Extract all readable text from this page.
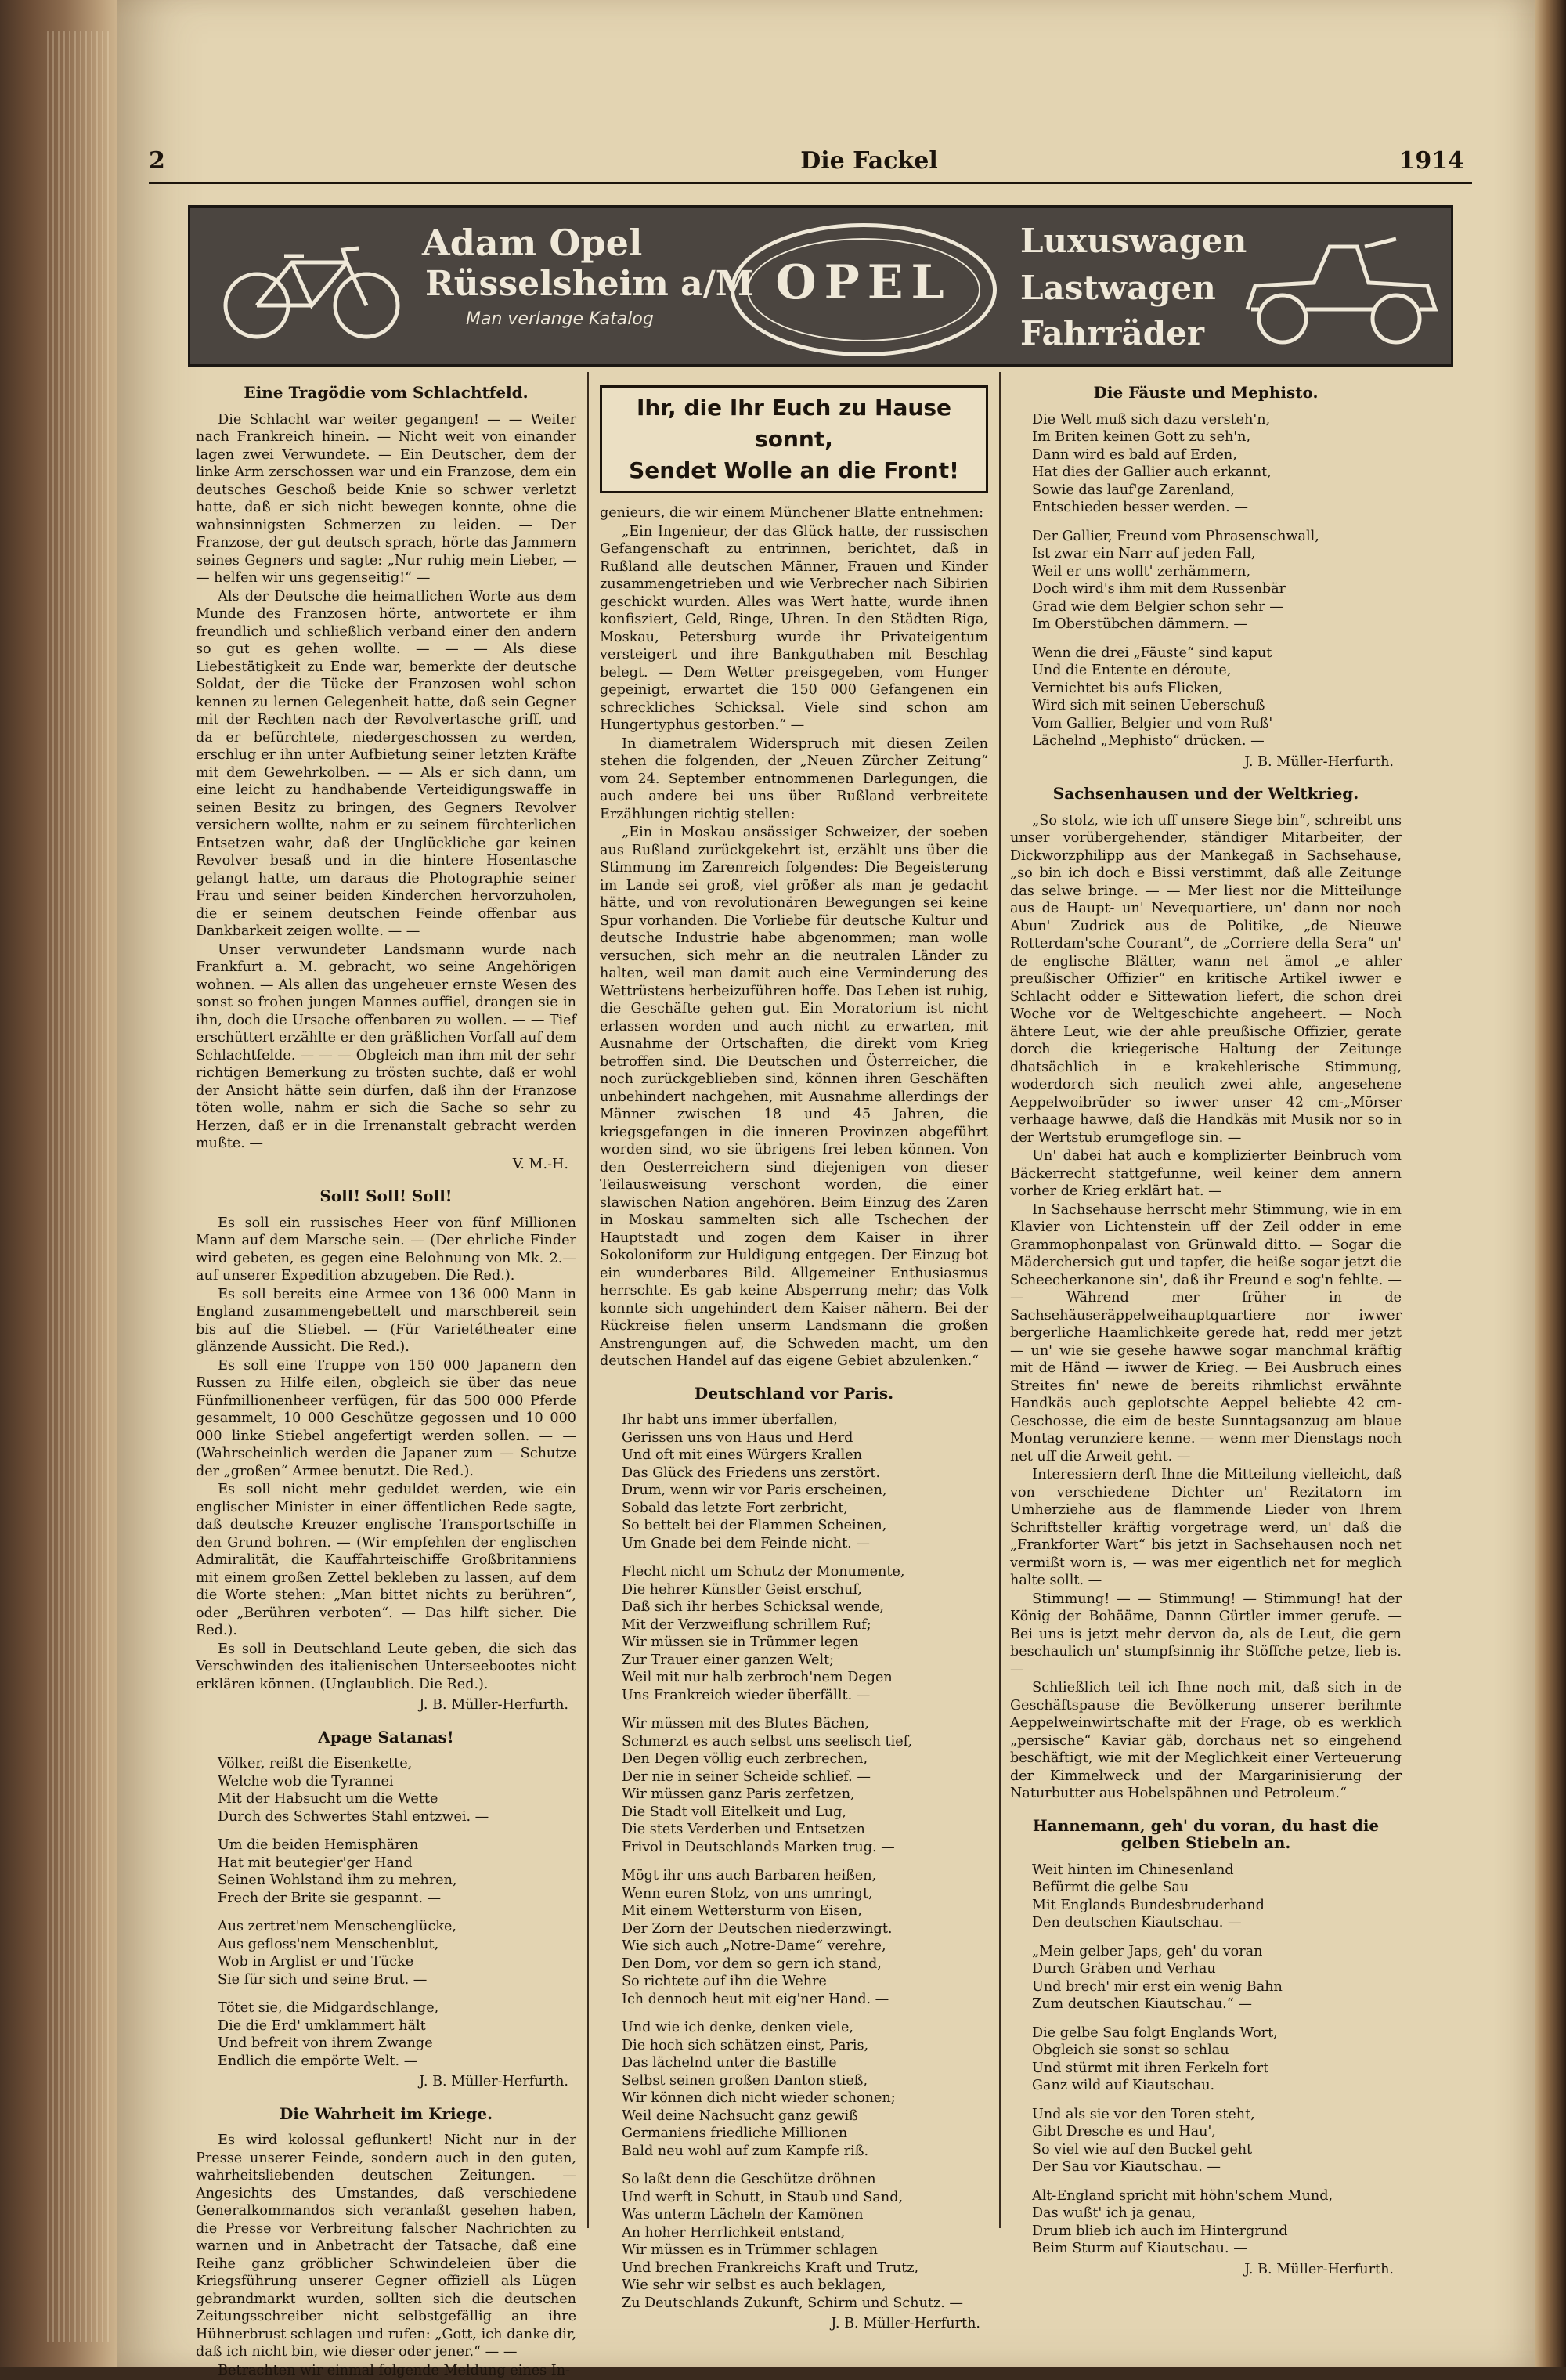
2	Die Fackel	1914
Adam Opel
Rüsselsheim a/M
Man verlange Katalog
OPEL
Luxuswagen
Lastwagen
Fahrräder
Eine Tragödie vom Schlachtfeld.

Die Schlacht war weiter gegangen! — — Weiter nach Frankreich hinein. — Nicht weit von einander lagen zwei Verwundete. — Ein Deutscher, dem der linke Arm zerschossen war und ein Franzose, dem ein deutsches Geschoß beide Knie so schwer verletzt hatte, daß er sich nicht bewegen konnte, ohne die wahnsinnigsten Schmerzen zu leiden. — Der Franzose, der gut deutsch sprach, hörte das Jammern seines Gegners und sagte: „Nur ruhig mein Lieber, — — helfen wir uns gegenseitig!“ —

Als der Deutsche die heimatlichen Worte aus dem Munde des Franzosen hörte, antwortete er ihm freundlich und schließlich verband einer den andern so gut es gehen wollte. — — — Als diese Liebestätigkeit zu Ende war, bemerkte der deutsche Soldat, der die Tücke der Franzosen wohl schon kennen zu lernen Gelegenheit hatte, daß sein Gegner mit der Rechten nach der Revolvertasche griff, und da er befürchtete, niedergeschossen zu werden, erschlug er ihn unter Aufbietung seiner letzten Kräfte mit dem Gewehrkolben. — — Als er sich dann, um eine leicht zu handhabende Verteidigungswaffe in seinen Besitz zu bringen, des Gegners Revolver versichern wollte, nahm er zu seinem fürchterlichen Entsetzen wahr, daß der Unglückliche gar keinen Revolver besaß und in die hintere Hosentasche gelangt hatte, um daraus die Photographie seiner Frau und seiner beiden Kinderchen hervorzuholen, die er seinem deutschen Feinde offenbar aus Dankbarkeit zeigen wollte. — —

Unser verwundeter Landsmann wurde nach Frankfurt a. M. gebracht, wo seine Angehörigen wohnen. — Als allen das ungeheuer ernste Wesen des sonst so frohen jungen Mannes auffiel, drangen sie in ihn, doch die Ursache offenbaren zu wollen. — — Tief erschüttert erzählte er den gräßlichen Vorfall auf dem Schlachtfelde. — — — Obgleich man ihm mit der sehr richtigen Bemerkung zu trösten suchte, daß er wohl der Ansicht hätte sein dürfen, daß ihn der Franzose töten wolle, nahm er sich die Sache so sehr zu Herzen, daß er in die Irrenanstalt gebracht werden mußte. —

V. M.-H.
Soll! Soll! Soll!

Es soll ein russisches Heer von fünf Millionen Mann auf dem Marsche sein. — (Der ehrliche Finder wird gebeten, es gegen eine Belohnung von Mk. 2.— auf unserer Expedition abzugeben. Die Red.).

Es soll bereits eine Armee von 136 000 Mann in England zusammengebettelt und marschbereit sein bis auf die Stiebel. — (Für Varietétheater eine glänzende Aussicht. Die Red.).

Es soll eine Truppe von 150 000 Japanern den Russen zu Hilfe eilen, obgleich sie über das neue Fünfmillionenheer verfügen, für das 500 000 Pferde gesammelt, 10 000 Geschütze gegossen und 10 000 000 linke Stiebel angefertigt werden sollen. — — (Wahrscheinlich werden die Japaner zum — Schutze der „großen“ Armee benutzt. Die Red.).

Es soll nicht mehr geduldet werden, wie ein englischer Minister in einer öffentlichen Rede sagte, daß deutsche Kreuzer englische Transportschiffe in den Grund bohren. — (Wir empfehlen der englischen Admiralität, die Kauffahrteischiffe Großbritanniens mit einem großen Zettel bekleben zu lassen, auf dem die Worte stehen: „Man bittet nichts zu berühren“, oder „Berühren verboten“. — Das hilft sicher. Die Red.).

Es soll in Deutschland Leute geben, die sich das Verschwinden des italienischen Unterseebootes nicht erklären können. (Unglaublich. Die Red.).

J. B. Müller-Herfurth.
Apage Satanas!
Völker, reißt die Eisenkette,
Welche wob die Tyrannei
Mit der Habsucht um die Wette
Durch des Schwertes Stahl entzwei. —
Um die beiden Hemisphären
Hat mit beutegier'ger Hand
Seinen Wohlstand ihm zu mehren,
Frech der Brite sie gespannt. —
Aus zertret'nem Menschenglücke,
Aus gefloss'nem Menschenblut,
Wob in Arglist er und Tücke
Sie für sich und seine Brut. —
Tötet sie, die Midgardschlange,
Die die Erd' umklammert hält
Und befreit von ihrem Zwange
Endlich die empörte Welt. —
J. B. Müller-Herfurth.
Die Wahrheit im Kriege.

Es wird kolossal geflunkert! Nicht nur in der Presse unserer Feinde, sondern auch in den guten, wahrheitsliebenden deutschen Zeitungen. — Angesichts des Umstandes, daß verschiedene Generalkommandos sich veranlaßt gesehen haben, die Presse vor Verbreitung falscher Nachrichten zu warnen und in Anbetracht der Tatsache, daß eine Reihe ganz gröblicher Schwindeleien über die Kriegsführung unserer Gegner offiziell als Lügen gebrandmarkt wurden, sollten sich die deutschen Zeitungsschreiber nicht selbstgefällig an ihre Hühnerbrust schlagen und rufen: „Gott, ich danke dir, daß ich nicht bin, wie dieser oder jener.“ — —

Betrachten wir einmal folgende Meldung eines In-

Ihr, die Ihr Euch zu Hause sonnt,
Sendet Wolle an die Front!

genieurs, die wir einem Münchener Blatte entnehmen:

„Ein Ingenieur, der das Glück hatte, der russischen Gefangenschaft zu entrinnen, berichtet, daß in Rußland alle deutschen Männer, Frauen und Kinder zusammengetrieben und wie Verbrecher nach Sibirien geschickt wurden. Alles was Wert hatte, wurde ihnen konfisziert, Geld, Ringe, Uhren. In den Städten Riga, Moskau, Petersburg wurde ihr Privateigentum versteigert und ihre Bankguthaben mit Beschlag belegt. — Dem Wetter preisgegeben, vom Hunger gepeinigt, erwartet die 150 000 Gefangenen ein schreckliches Schicksal. Viele sind schon am Hungertyphus gestorben.“ —

In diametralem Widerspruch mit diesen Zeilen stehen die folgenden, der „Neuen Zürcher Zeitung“ vom 24. September entnommenen Darlegungen, die auch andere bei uns über Rußland verbreitete Erzählungen richtig stellen:

„Ein in Moskau ansässiger Schweizer, der soeben aus Rußland zurückgekehrt ist, erzählt uns über die Stimmung im Zarenreich folgendes: Die Begeisterung im Lande sei groß, viel größer als man je gedacht hätte, und von revolutionären Bewegungen sei keine Spur vorhanden. Die Vorliebe für deutsche Kultur und deutsche Industrie habe abgenommen; man wolle versuchen, sich mehr an die neutralen Länder zu halten, weil man damit auch eine Verminderung des Wettrüstens herbeizuführen hoffe. Das Leben ist ruhig, die Geschäfte gehen gut. Ein Moratorium ist nicht erlassen worden und auch nicht zu erwarten, mit Ausnahme der Ortschaften, die direkt vom Krieg betroffen sind. Die Deutschen und Österreicher, die noch zurückgeblieben sind, können ihren Geschäften unbehindert nachgehen, mit Ausnahme allerdings der Männer zwischen 18 und 45 Jahren, die kriegsgefangen in die inneren Provinzen abgeführt worden sind, wo sie übrigens frei leben können. Von den Oesterreichern sind diejenigen von dieser Teilausweisung verschont worden, die einer slawischen Nation angehören. Beim Einzug des Zaren in Moskau sammelten sich alle Tschechen der Hauptstadt und zogen dem Kaiser in ihrer Sokoloniform zur Huldigung entgegen. Der Einzug bot ein wunderbares Bild. Allgemeiner Enthusiasmus herrschte. Es gab keine Absperrung mehr; das Volk konnte sich ungehindert dem Kaiser nähern. Bei der Rückreise fielen unserm Landsmann die großen Anstrengungen auf, die Schweden macht, um den deutschen Handel auf das eigene Gebiet abzulenken.“

Deutschland vor Paris.
Ihr habt uns immer überfallen,
Gerissen uns von Haus und Herd
Und oft mit eines Würgers Krallen
Das Glück des Friedens uns zerstört.
Drum, wenn wir vor Paris erscheinen,
Sobald das letzte Fort zerbricht,
So bettelt bei der Flammen Scheinen,
Um Gnade bei dem Feinde nicht. —
Flecht nicht um Schutz der Monumente,
Die hehrer Künstler Geist erschuf,
Daß sich ihr herbes Schicksal wende,
Mit der Verzweiflung schrillem Ruf;
Wir müssen sie in Trümmer legen
Zur Trauer einer ganzen Welt;
Weil mit nur halb zerbroch'nem Degen
Uns Frankreich wieder überfällt. —
Wir müssen mit des Blutes Bächen,
Schmerzt es auch selbst uns seelisch tief,
Den Degen völlig euch zerbrechen,
Der nie in seiner Scheide schlief. —
Wir müssen ganz Paris zerfetzen,
Die Stadt voll Eitelkeit und Lug,
Die stets Verderben und Entsetzen
Frivol in Deutschlands Marken trug. —
Mögt ihr uns auch Barbaren heißen,
Wenn euren Stolz, von uns umringt,
Mit einem Wettersturm von Eisen,
Der Zorn der Deutschen niederzwingt.
Wie sich auch „Notre-Dame“ verehre,
Den Dom, vor dem so gern ich stand,
So richtete auf ihn die Wehre
Ich dennoch heut mit eig'ner Hand. —
Und wie ich denke, denken viele,
Die hoch sich schätzen einst, Paris,
Das lächelnd unter die Bastille
Selbst seinen großen Danton stieß,
Wir können dich nicht wieder schonen;
Weil deine Nachsucht ganz gewiß
Germaniens friedliche Millionen
Bald neu wohl auf zum Kampfe riß.
So laßt denn die Geschütze dröhnen
Und werft in Schutt, in Staub und Sand,
Was unterm Lächeln der Kamönen
An hoher Herrlichkeit entstand,
Wir müssen es in Trümmer schlagen
Und brechen Frankreichs Kraft und Trutz,
Wie sehr wir selbst es auch beklagen,
Zu Deutschlands Zukunft, Schirm und Schutz. —
J. B. Müller-Herfurth.
Die Fäuste und Mephisto.
Die Welt muß sich dazu versteh'n,
Im Briten keinen Gott zu seh'n,
Dann wird es bald auf Erden,
Hat dies der Gallier auch erkannt,
Sowie das lauf'ge Zarenland,
Entschieden besser werden. —
Der Gallier, Freund vom Phrasenschwall,
Ist zwar ein Narr auf jeden Fall,
Weil er uns wollt' zerhämmern,
Doch wird's ihm mit dem Russenbär
Grad wie dem Belgier schon sehr —
Im Oberstübchen dämmern. —
Wenn die drei „Fäuste“ sind kaput
Und die Entente en déroute,
Vernichtet bis aufs Flicken,
Wird sich mit seinen Ueberschuß
Vom Gallier, Belgier und vom Ruß'
Lächelnd „Mephisto“ drücken. —
J. B. Müller-Herfurth.
Sachsenhausen und der Weltkrieg.

„So stolz, wie ich uff unsere Siege bin“, schreibt uns unser vorübergehender, ständiger Mitarbeiter, der Dickworzphilipp aus der Mankegaß in Sachsehause, „so bin ich doch e Bissi verstimmt, daß alle Zeitunge das selwe bringe. — — Mer liest nor die Mitteilunge aus de Haupt- un' Nevequartiere, un' dann nor noch Abun' Zudrick aus de Politike, „de Nieuwe Rotterdam'sche Courant“, de „Corriere della Sera“ un' de englische Blätter, wann net ämol „e ahler preußischer Offizier“ en kritische Artikel iwwer e Schlacht odder e Sittewation liefert, die schon drei Woche vor de Weltgeschichte angeheert. — Noch ähtere Leut, wie der ahle preußische Offizier, gerate dorch die kriegerische Haltung der Zeitunge dhatsächlich in e krakehlerische Stimmung, woderdorch sich neulich zwei ahle, angesehene Aeppelwoibrüder so iwwer unser 42 cm-„Mörser verhaage hawwe, daß die Handkäs mit Musik nor so in der Wertstub erumgefloge sin. —

Un' dabei hat auch e komplizierter Beinbruch vom Bäckerrecht stattgefunne, weil keiner dem annern vorher de Krieg erklärt hat. —

In Sachsehause herrscht mehr Stimmung, wie in em Klavier von Lichtenstein uff der Zeil odder in eme Grammophonpalast von Grünwald ditto. — Sogar die Mäderchersich gut und tapfer, die heiße sogar jetzt die Scheecherkanone sin', daß ihr Freund e sog'n fehlte. — — Während mer früher in de Sachsehäuseräppelweihauptquartiere nor iwwer bergerliche Haamlichkeite gerede hat, redd mer jetzt — un' wie sie gesehe hawwe sogar manchmal kräftig mit de Händ — iwwer de Krieg. — Bei Ausbruch eines Streites fin' newe de bereits rihmlichst erwähnte Handkäs auch geplotschte Aeppel beliebte 42 cm-Geschosse, die eim de beste Sunntagsanzug am blaue Montag verunziere kenne. — wenn mer Dienstags noch net uff die Arweit geht. —

Interessiern derft Ihne die Mitteilung vielleicht, daß von verschiedene Dichter un' Rezitatorn im Umherziehe aus de flammende Lieder von Ihrem Schriftsteller kräftig vorgetrage werd, un' daß die „Frankforter Wart“ bis jetzt in Sachsehausen noch net vermißt worn is, — was mer eigentlich net for meglich halte sollt. —

Stimmung! — — Stimmung! — Stimmung! hat der König der Bohääme, Dannn Gürtler immer gerufe. — Bei uns is jetzt mehr dervon da, als de Leut, die gern beschaulich un' stumpfsinnig ihr Stöffche petze, lieb is. —

Schließlich teil ich Ihne noch mit, daß sich in de Geschäftspause die Bevölkerung unserer berihmte Aeppelweinwirtschafte mit der Frage, ob es werklich „persische“ Kaviar gäb, dorchaus net so eingehend beschäftigt, wie mit der Meglichkeit einer Verteuerung der Kimmelweck und der Margarinisierung der Naturbutter aus Hobelspähnen und Petroleum.“

Hannemann, geh' du voran, du hast die gelben Stiebeln an.
Weit hinten im Chinesenland
Befürmt die gelbe Sau
Mit Englands Bundesbruderhand
Den deutschen Kiautschau. —
„Mein gelber Japs, geh' du voran
Durch Gräben und Verhau
Und brech' mir erst ein wenig Bahn
Zum deutschen Kiautschau.“ —
Die gelbe Sau folgt Englands Wort,
Obgleich sie sonst so schlau
Und stürmt mit ihren Ferkeln fort
Ganz wild auf Kiautschau.
Und als sie vor den Toren steht,
Gibt Dresche es und Hau',
So viel wie auf den Buckel geht
Der Sau vor Kiautschau. —
Alt-England spricht mit höhn'schem Mund,
Das wußt' ich ja genau,
Drum blieb ich auch im Hintergrund
Beim Sturm auf Kiautschau. —
J. B. Müller-Herfurth.
